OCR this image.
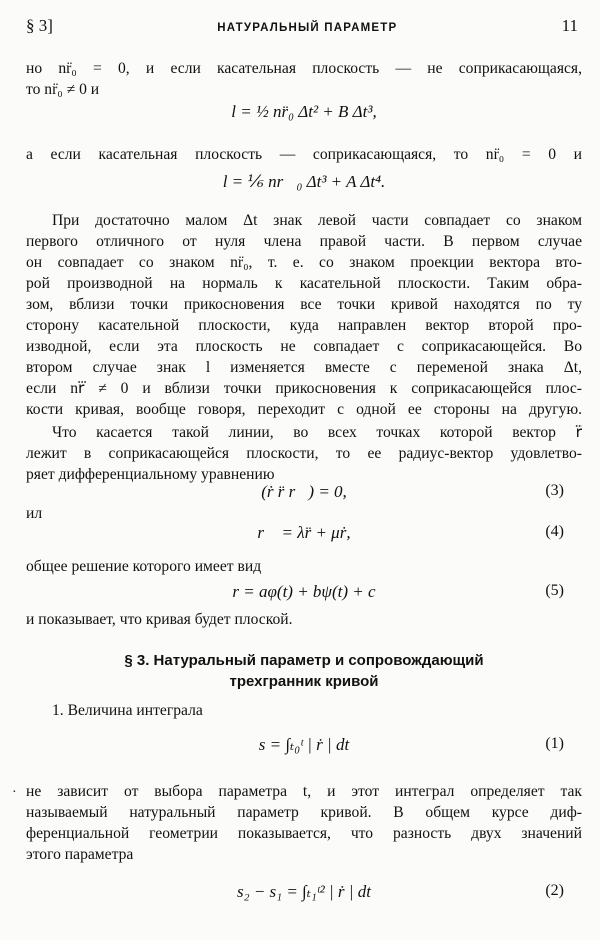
§ 3]	НАТУРАЛЬНЫЙ ПАРАМЕТР	11
но nr̈₀ = 0, и если касательная плоскость — не соприкасающаяся,
то nr̈₀ ≠ 0 и
l = ½ nr̈₀ Δt² + B Δt³,
а если касательная плоскость — соприкасающаяся, то nr̈₀ = 0 и
l = ⅙ nr⃛₀ Δt³ + A Δt⁴.
При достаточно малом Δt знак левой части совпадает со знаком
первого отличного от нуля члена правой части. В первом случае
он совпадает со знаком nr̈₀, т. е. со знаком проекции вектора вто-
рой производной на нормаль к касательной плоскости. Таким обра-
зом, вблизи точки прикосновения все точки кривой находятся по ту
сторону касательной плоскости, куда направлен вектор второй про-
изводной, если эта плоскость не совпадает с соприкасающейся. Во
втором случае знак l изменяется вместе с переменой знака Δt,
если nr⃛ ≠ 0 и вблизи точки прикосновения к соприкасающейся плос-
кости кривая, вообще говоря, переходит с одной ее стороны на другую.
Что касается такой линии, во всех точках которой вектор r⃛
лежит в соприкасающейся плоскости, то ее радиус-вектор удовлетво-
ряет дифференциальному уравнению
(ṙ r̈ r⃛) = 0,	(3)
ил
r⃛ = λr̈ + μṙ,	(4)
общее решение которого имеет вид
r = aφ(t) + bψ(t) + c	(5)
и показывает, что кривая будет плоской.
§ 3. Натуральный параметр и сопровождающий
трехгранник кривой
1. Величина интеграла
s = ∫ₜ₀ᵗ | ṙ | dt	(1)
· не зависит от выбора параметра t, и этот интеграл определяет так
называемый натуральный параметр кривой. В общем курсе диф-
ференциальной геометрии показывается, что разность двух значений
этого параметра
s₂ − s₁ = ∫ₜ₁ᵗ² | ṙ | dt	(2)
